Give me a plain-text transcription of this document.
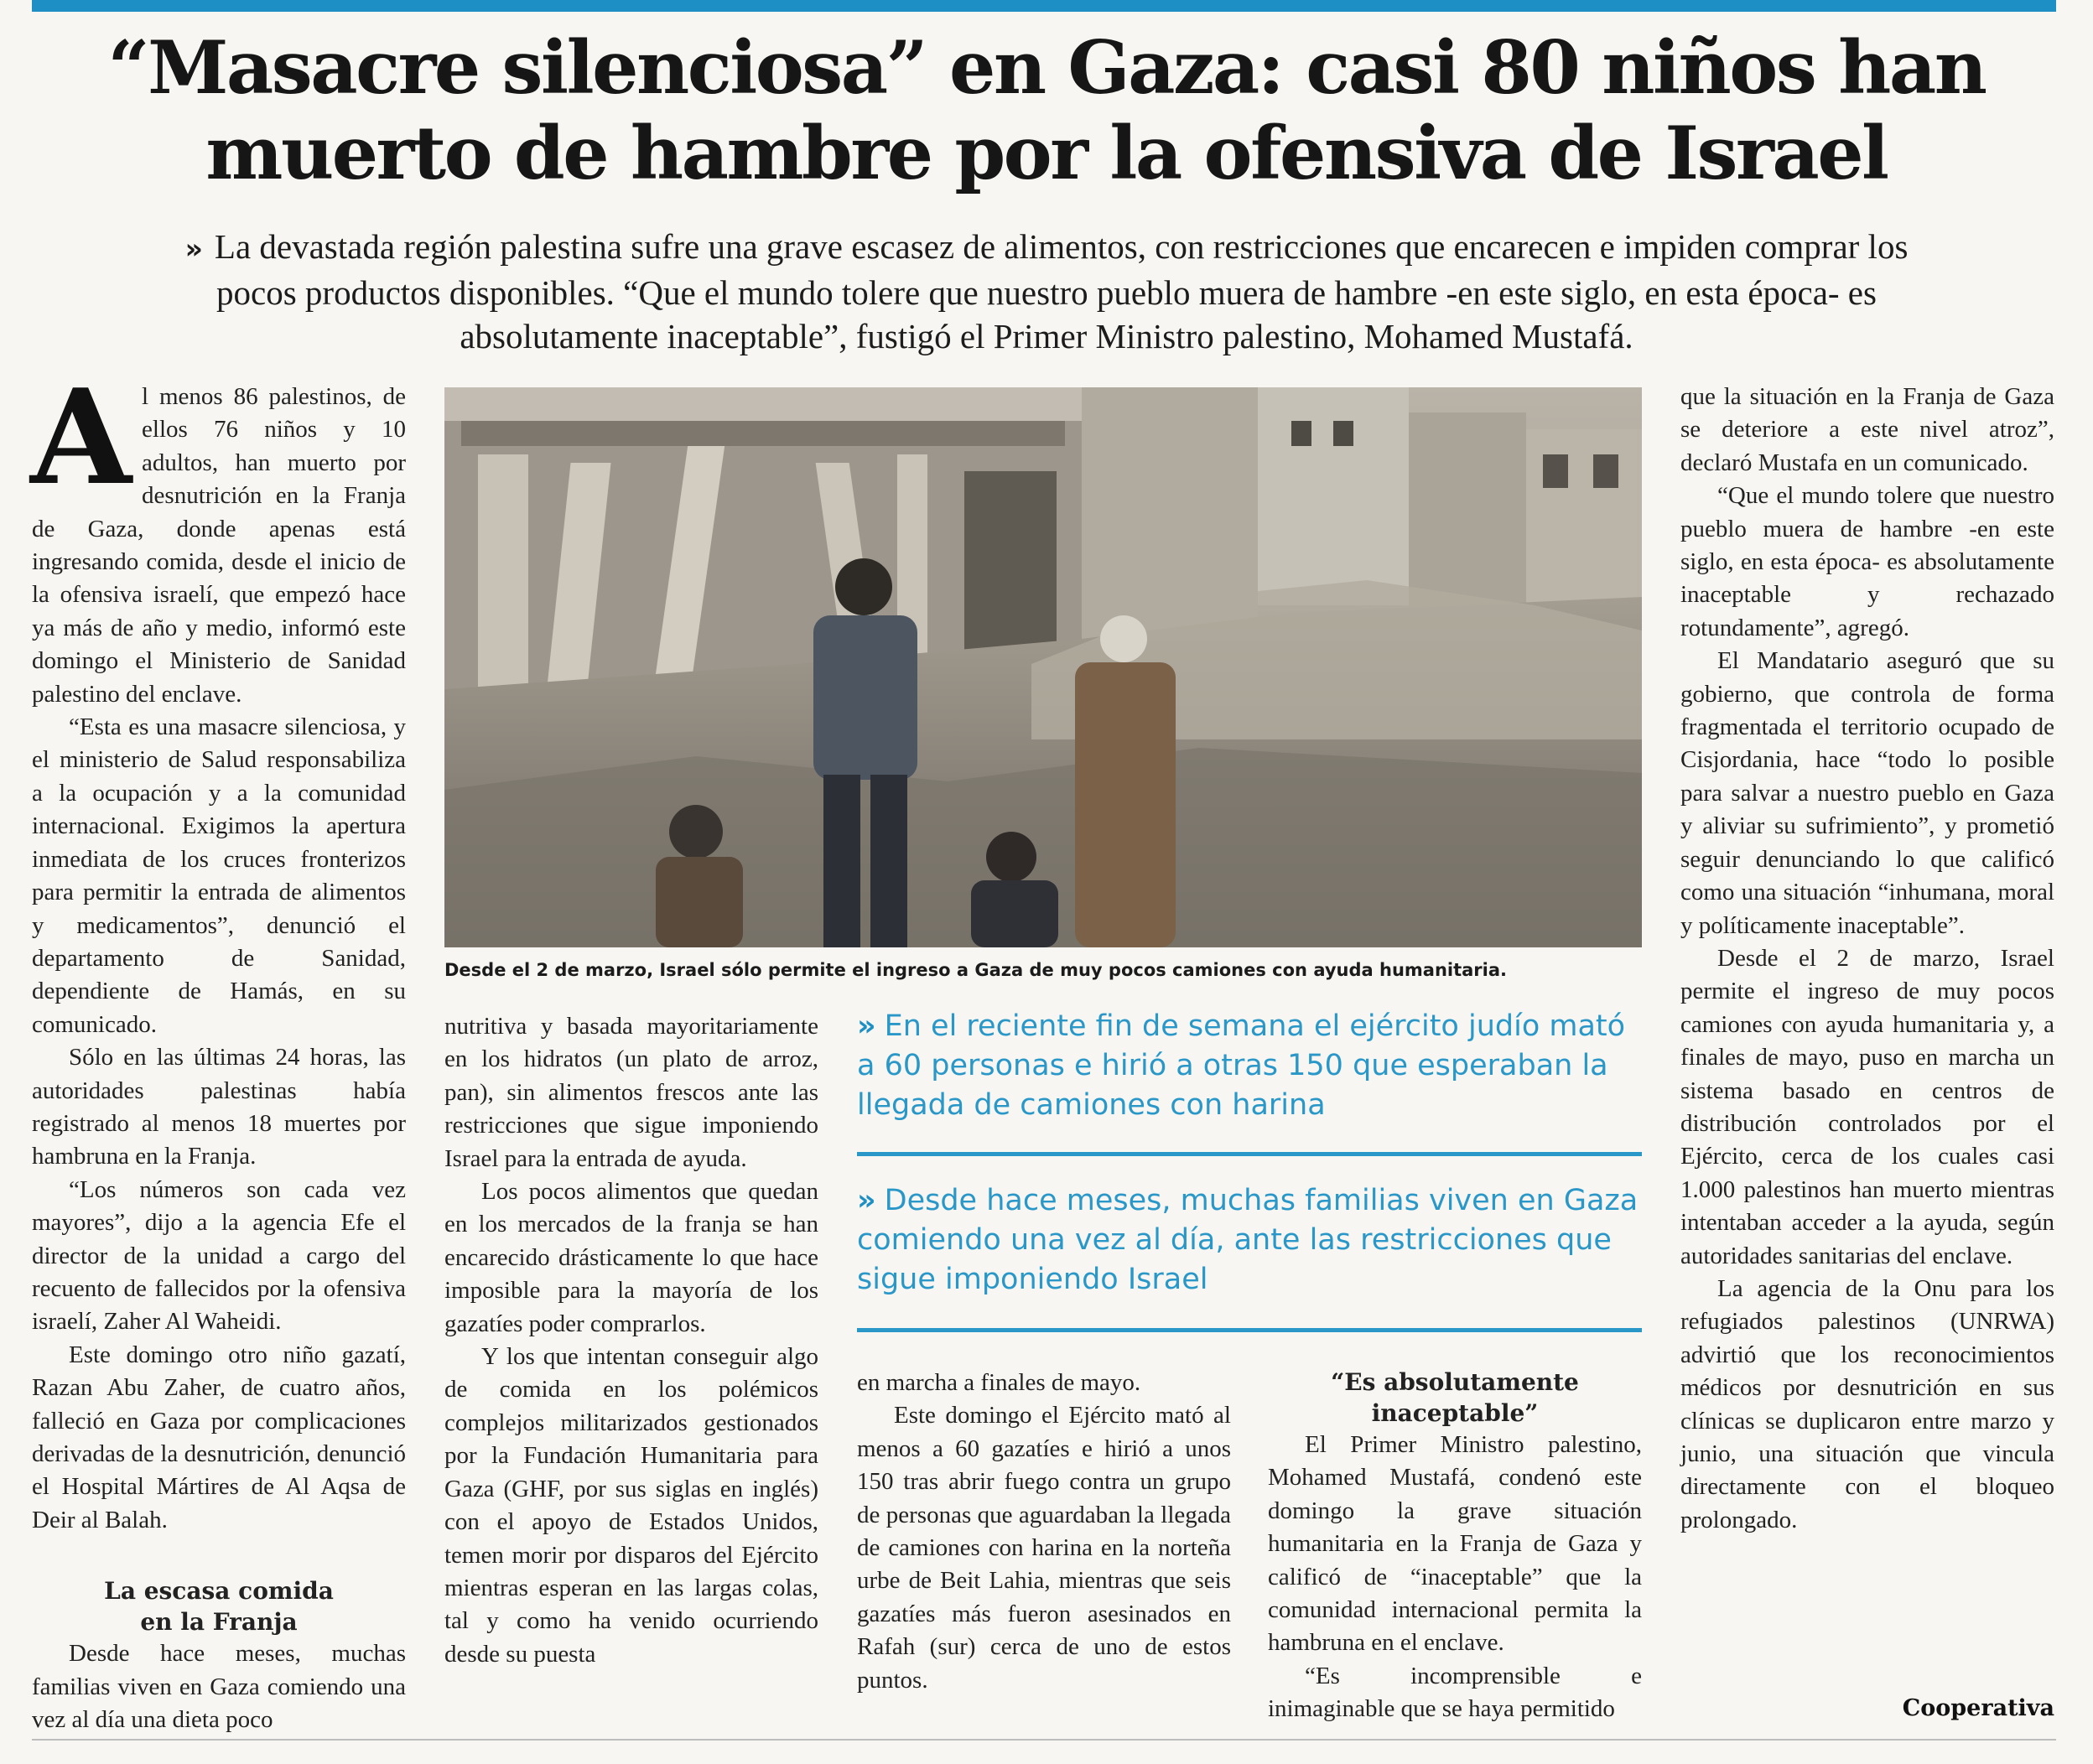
“Masacre silenciosa” en Gaza: casi 80 niños han
muerto de hambre por la ofensiva de Israel

» La devastada región palestina sufre una grave escasez de alimentos, con restricciones que encarecen e impiden comprar los pocos productos disponibles. “Que el mundo tolere que nuestro pueblo muera de hambre -en este siglo, en esta época- es absolutamente inaceptable”, fustigó el Primer Ministro palestino, Mohamed Mustafá.

Al menos 86 palestinos, de ellos 76 niños y 10 adultos, han muerto por desnutrición en la Franja de Gaza, donde apenas está ingresando comida, desde el inicio de la ofensiva israelí, que empezó hace ya más de año y medio, informó este domingo el Ministerio de Sanidad palestino del enclave.

“Esta es una masacre silenciosa, y el ministerio de Salud responsabiliza a la ocupación y a la comunidad internacional. Exigimos la apertura inmediata de los cruces fronterizos para permitir la entrada de alimentos y medicamentos”, denunció el departamento de Sanidad, dependiente de Hamás, en su comunicado.

Sólo en las últimas 24 horas, las autoridades palestinas había registrado al menos 18 muertes por hambruna en la Franja.

“Los números son cada vez mayores”, dijo a la agencia Efe el director de la unidad a cargo del recuento de fallecidos por la ofensiva israelí, Zaher Al Waheidi.

Este domingo otro niño gazatí, Razan Abu Zaher, de cuatro años, falleció en Gaza por complicaciones derivadas de la desnutrición, denunció el Hospital Mártires de Al Aqsa de Deir al Balah.

La escasa comida
en la Franja

Desde hace meses, muchas familias viven en Gaza comiendo una vez al día una dieta poco

Desde el 2 de marzo, Israel sólo permite el ingreso a Gaza de muy pocos camiones con ayuda humanitaria.

nutritiva y basada mayoritariamente en los hidratos (un plato de arroz, pan), sin alimentos frescos ante las restricciones que sigue imponiendo Israel para la entrada de ayuda.

Los pocos alimentos que quedan en los mercados de la franja se han encarecido drásticamente lo que hace imposible para la mayoría de los gazatíes poder comprarlos.

Y los que intentan conseguir algo de comida en los polémicos complejos militarizados gestionados por la Fundación Humanitaria para Gaza (GHF, por sus siglas en inglés) con el apoyo de Estados Unidos, temen morir por disparos del Ejército mientras esperan en las largas colas, tal y como ha venido ocurriendo desde su puesta

» En el reciente fin de semana el ejército judío mató a 60 personas e hirió a otras 150 que esperaban la llegada de camiones con harina

» Desde hace meses, muchas familias viven en Gaza comiendo una vez al día, ante las restricciones que sigue imponiendo Israel

en marcha a finales de mayo.

Este domingo el Ejército mató al menos a 60 gazatíes e hirió a unos 150 tras abrir fuego contra un grupo de personas que aguardaban la llegada de camiones con harina en la norteña urbe de Beit Lahia, mientras que seis gazatíes más fueron asesinados en Rafah (sur) cerca de uno de estos puntos.

“Es absolutamente
inaceptable”

El Primer Ministro palestino, Mohamed Mustafá, condenó este domingo la grave situación humanitaria en la Franja de Gaza y calificó de “inaceptable” que la comunidad internacional permita la hambruna en el enclave.

“Es incomprensible e inimaginable que se haya permitido

que la situación en la Franja de Gaza se deteriore a este nivel atroz”, declaró Mustafa en un comunicado.

“Que el mundo tolere que nuestro pueblo muera de hambre -en este siglo, en esta época- es absolutamente inaceptable y rechazado rotundamente”, agregó.

El Mandatario aseguró que su gobierno, que controla de forma fragmentada el territorio ocupado de Cisjordania, hace “todo lo posible para salvar a nuestro pueblo en Gaza y aliviar su sufrimiento”, y prometió seguir denunciando lo que calificó como una situación “inhumana, moral y políticamente inaceptable”.

Desde el 2 de marzo, Israel permite el ingreso de muy pocos camiones con ayuda humanitaria y, a finales de mayo, puso en marcha un sistema basado en centros de distribución controlados por el Ejército, cerca de los cuales casi 1.000 palestinos han muerto mientras intentaban acceder a la ayuda, según autoridades sanitarias del enclave.

La agencia de la Onu para los refugiados palestinos (UNRWA) advirtió que los reconocimientos médicos por desnutrición en sus clínicas se duplicaron entre marzo y junio, una situación que vincula directamente con el bloqueo prolongado.

Cooperativa
